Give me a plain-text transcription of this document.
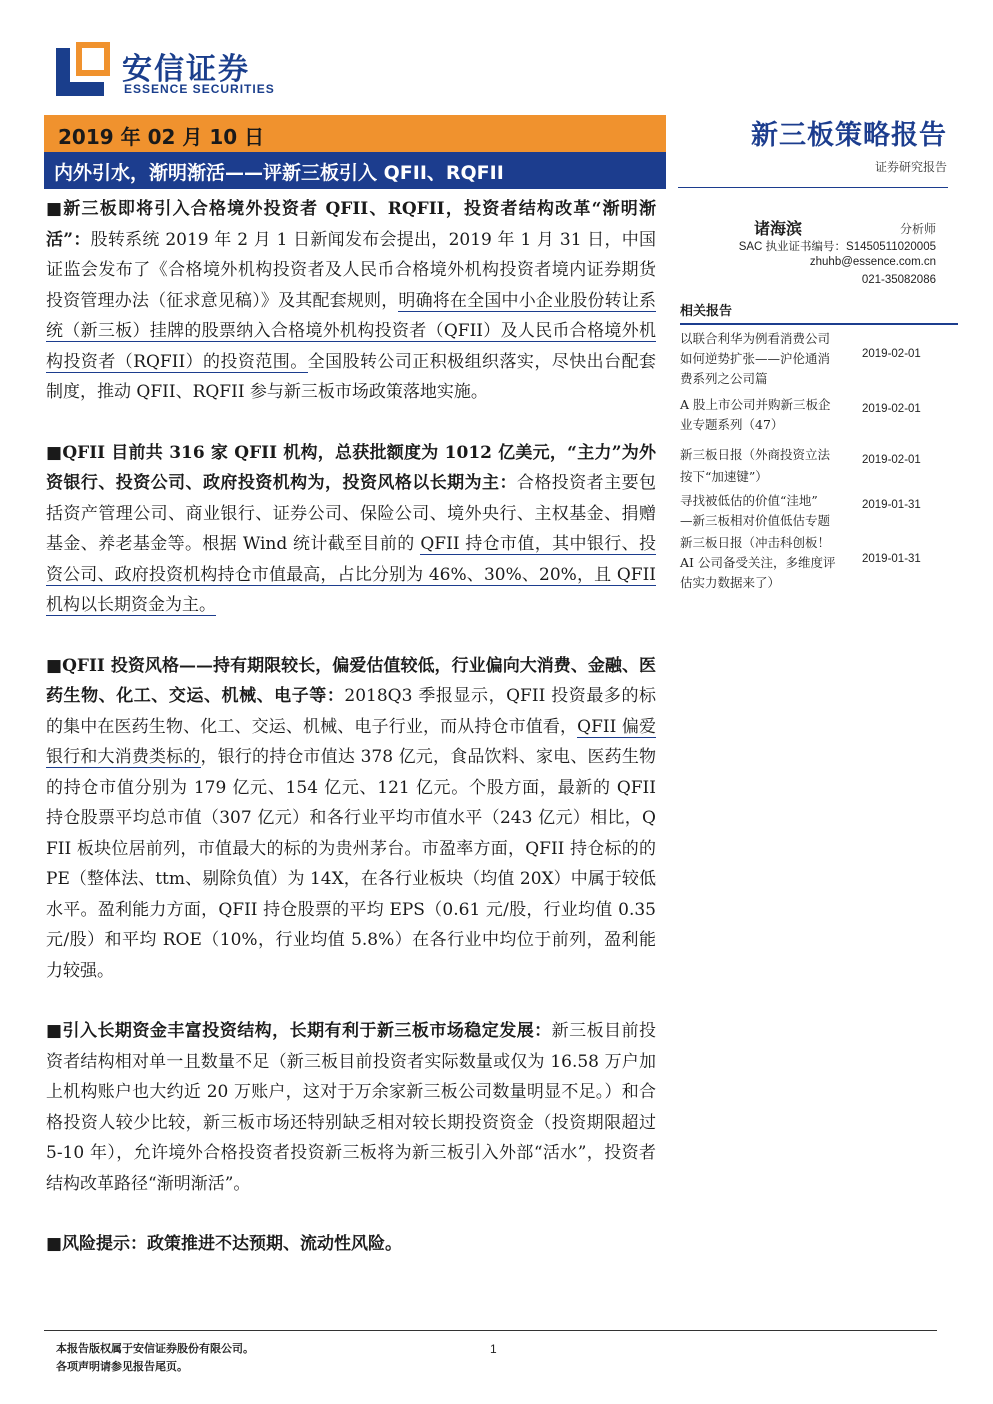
安信证券
ESSENCE SECURITIES
2019 年 02 月 10 日
内外引水，渐明渐活——评新三板引入 QFII、RQFII
新三板策略报告
证券研究报告
诸海滨	分析师
SAC 执业证书编号：S1450511020005
zhuhb@essence.com.cn
021-35082086
相关报告
以联合利华为例看消费公司
如何逆势扩张——沪伦通消
费系列之公司篇
2019-02-01
A 股上市公司并购新三板企
业专题系列（47）
2019-02-01
新三板日报（外商投资立法
按下“加速键”）
2019-02-01
寻找被低估的价值“洼地”
—新三板相对价值低估专题
2019-01-31
新三板日报（冲击科创板！
AI 公司备受关注，多维度评
估实力数据来了）
2019-01-31

■新三板即将引入合格境外投资者 QFII、RQFII，投资者结构改革“渐明渐活”：股转系统 2019 年 2 月 1 日新闻发布会提出，2019 年 1 月 31 日，中国证监会发布了《合格境外机构投资者及人民币合格境外机构投资者境内证券期货投资管理办法（征求意见稿）》及其配套规则，明确将在全国中小企业股份转让系统（新三板）挂牌的股票纳入合格境外机构投资者（QFII）及人民币合格境外机构投资者（RQFII）的投资范围。全国股转公司正积极组织落实，尽快出台配套制度，推动 QFII、RQFII 参与新三板市场政策落地实施。

■QFII 目前共 316 家 QFII 机构，总获批额度为 1012 亿美元，“主力”为外资银行、投资公司、政府投资机构为，投资风格以长期为主：合格投资者主要包括资产管理公司、商业银行、证券公司、保险公司、境外央行、主权基金、捐赠基金、养老基金等。根据 Wind 统计截至目前的 QFII 持仓市值，其中银行、投资公司、政府投资机构持仓市值最高，占比分别为 46%、30%、20%，且 QFII 机构以长期资金为主。

■QFII 投资风格——持有期限较长，偏爱估值较低，行业偏向大消费、金融、医药生物、化工、交运、机械、电子等：2018Q3 季报显示，QFII 投资最多的标的集中在医药生物、化工、交运、机械、电子行业，而从持仓市值看，QFII 偏爱银行和大消费类标的，银行的持仓市值达 378 亿元，食品饮料、家电、医药生物的持仓市值分别为 179 亿元、154 亿元、121 亿元。个股方面，最新的 QFII 持仓股票平均总市值（307 亿元）和各行业平均市值水平（243 亿元）相比，QFII 板块位居前列，市值最大的标的为贵州茅台。市盈率方面，QFII 持仓标的的 PE（整体法、ttm、剔除负值）为 14X，在各行业板块（均值 20X）中属于较低水平。盈利能力方面，QFII 持仓股票的平均 EPS（0.61 元/股，行业均值 0.35 元/股）和平均 ROE（10%，行业均值 5.8%）在各行业中均位于前列，盈利能力较强。

■引入长期资金丰富投资结构，长期有利于新三板市场稳定发展：新三板目前投资者结构相对单一且数量不足（新三板目前投资者实际数量或仅为 16.58 万户加上机构账户也大约近 20 万账户，这对于万余家新三板公司数量明显不足。）和合格投资人较少比较，新三板市场还特别缺乏相对较长期投资资金（投资期限超过 5-10 年），允许境外合格投资者投资新三板将为新三板引入外部“活水”，投资者结构改革路径“渐明渐活”。

■风险提示：政策推进不达预期、流动性风险。

本报告版权属于安信证券股份有限公司。
各项声明请参见报告尾页。
1
